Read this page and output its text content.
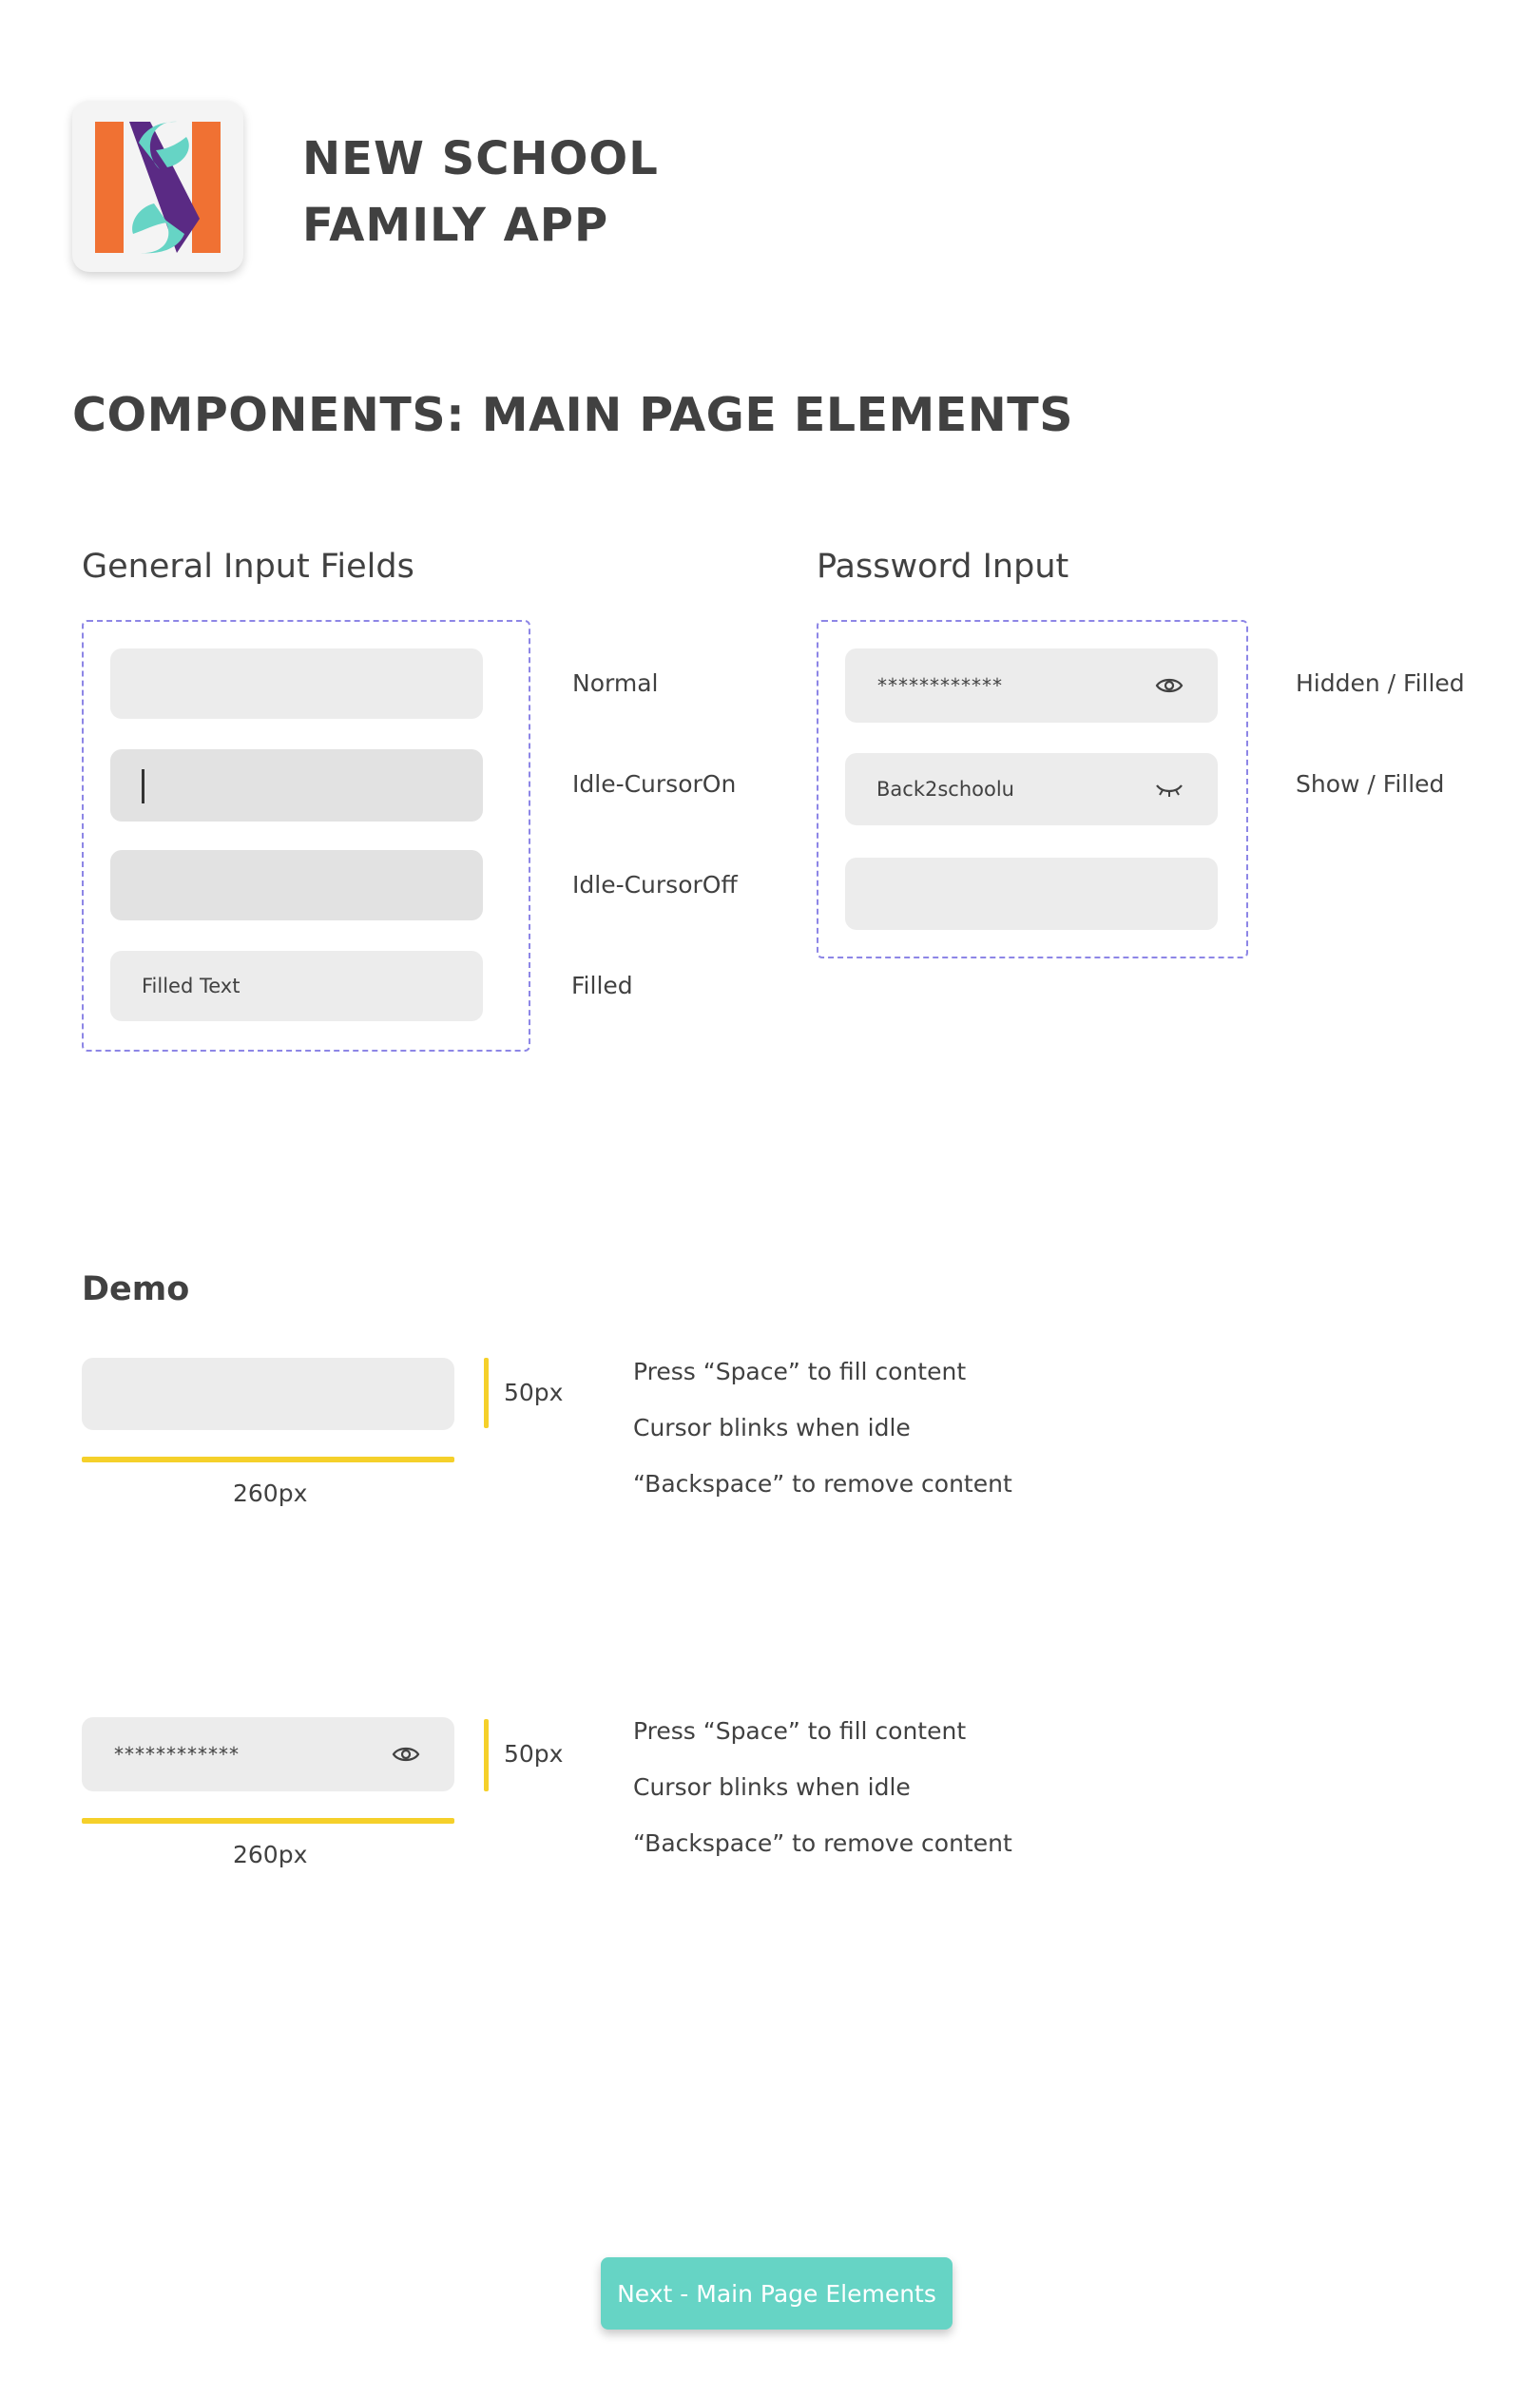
NEW SCHOOL
FAMILY APP
COMPONENTS: MAIN PAGE ELEMENTS
General Input Fields
Normal
Idle-CursorOn
Idle-CursorOff
Filled Text	Filled
Password Input
************	Hidden / Filled
Back2schoolu	Show / Filled
Demo
50px
260px
Press “Space” to fill content
Cursor blinks when idle
“Backspace” to remove content
************	50px
260px
Press “Space” to fill content
Cursor blinks when idle
“Backspace” to remove content
Next - Main Page Elements
